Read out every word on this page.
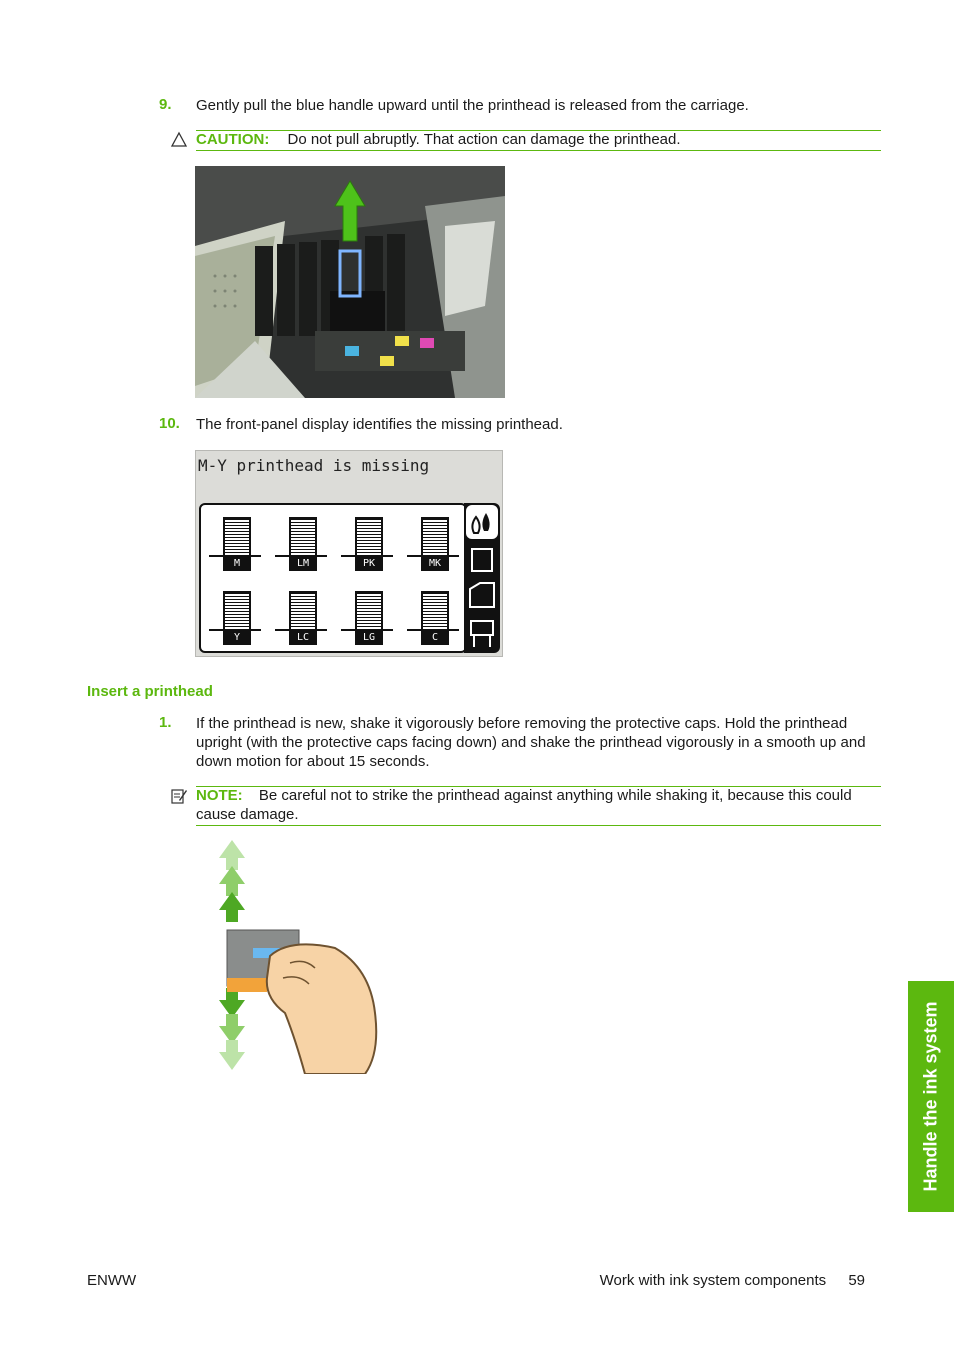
9.	Gently pull the blue handle upward until the printhead is released from the carriage.
CAUTION: Do not pull abruptly. That action can damage the printhead.
10.	The front-panel display identifies the missing printhead.
M-Y printhead is missing
M	LM	PK	MK
Y	LC	LG	C
Insert a printhead
1.	If the printhead is new, shake it vigorously before removing the protective caps. Hold the printhead upright (with the protective caps facing down) and shake the printhead vigorously in a smooth up and down motion for about 15 seconds.
NOTE: Be careful not to strike the printhead against anything while shaking it, because this could cause damage.
Handle the ink system
ENWW	Work with ink system components 59
